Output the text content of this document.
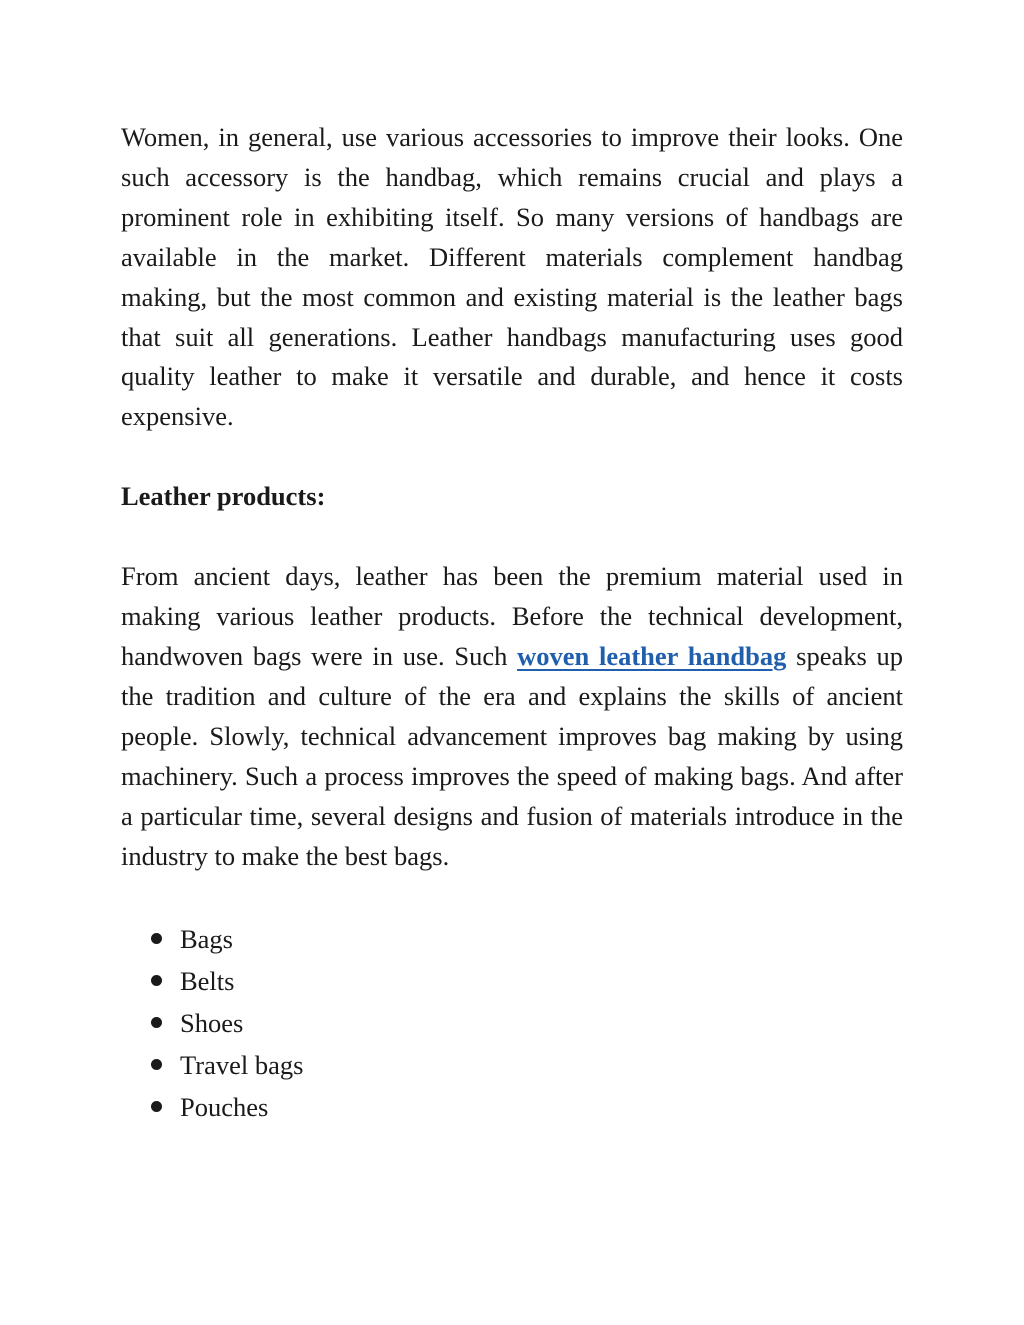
Women, in general, use various accessories to improve their looks. One such accessory is the handbag, which remains crucial and plays a prominent role in exhibiting itself. So many versions of handbags are available in the market. Different materials complement handbag making, but the most common and existing material is the leather bags that suit all generations. Leather handbags manufacturing uses good quality leather to make it versatile and durable, and hence it costs expensive.

Leather products:

From ancient days, leather has been the premium material used in making various leather products. Before the technical development, handwoven bags were in use. Such woven leather handbag speaks up the tradition and culture of the era and explains the skills of ancient people. Slowly, technical advancement improves bag making by using machinery. Such a process improves the speed of making bags. And after a particular time, several designs and fusion of materials introduce in the industry to make the best bags.

Bags
Belts
Shoes
Travel bags
Pouches
